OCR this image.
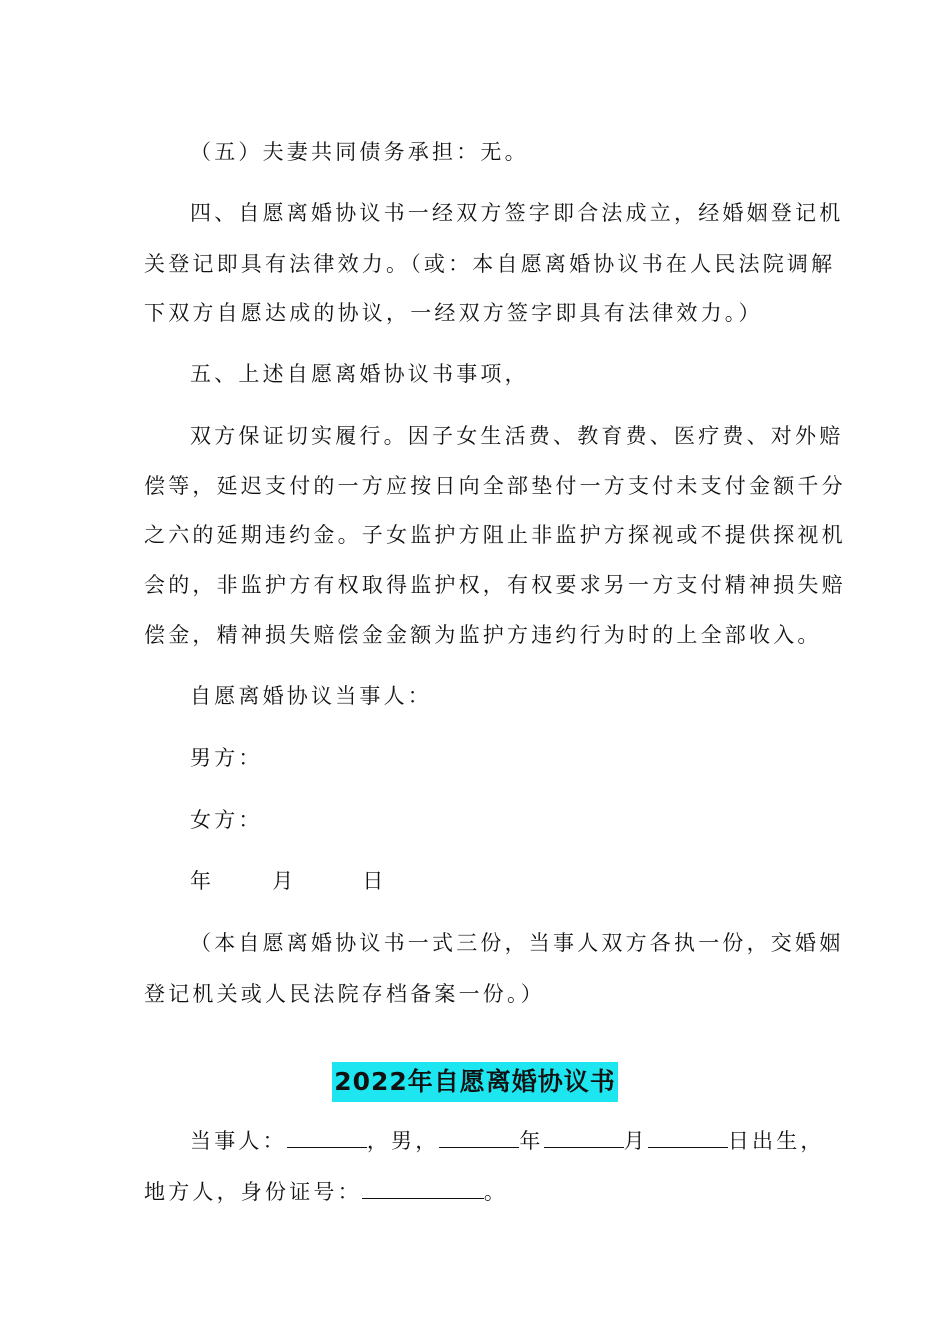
（五）夫妻共同债务承担：无。
四、自愿离婚协议书一经双方签字即合法成立，经婚姻登记机
关登记即具有法律效力。（或：本自愿离婚协议书在人民法院调解
下双方自愿达成的协议，一经双方签字即具有法律效力。）
五、上述自愿离婚协议书事项，
双方保证切实履行。因子女生活费、教育费、医疗费、对外赔
偿等，延迟支付的一方应按日向全部垫付一方支付未支付金额千分
之六的延期违约金。子女监护方阻止非监护方探视或不提供探视机
会的，非监护方有权取得监护权，有权要求另一方支付精神损失赔
偿金，精神损失赔偿金金额为监护方违约行为时的上全部收入。
自愿离婚协议当事人：
男方：
女方：
年	月	日
（本自愿离婚协议书一式三份，当事人双方各执一份，交婚姻
登记机关或人民法院存档备案一份。）
2022年自愿离婚协议书
当事人：	，男，	年	月	日出生，
地方人，身份证号：	。
